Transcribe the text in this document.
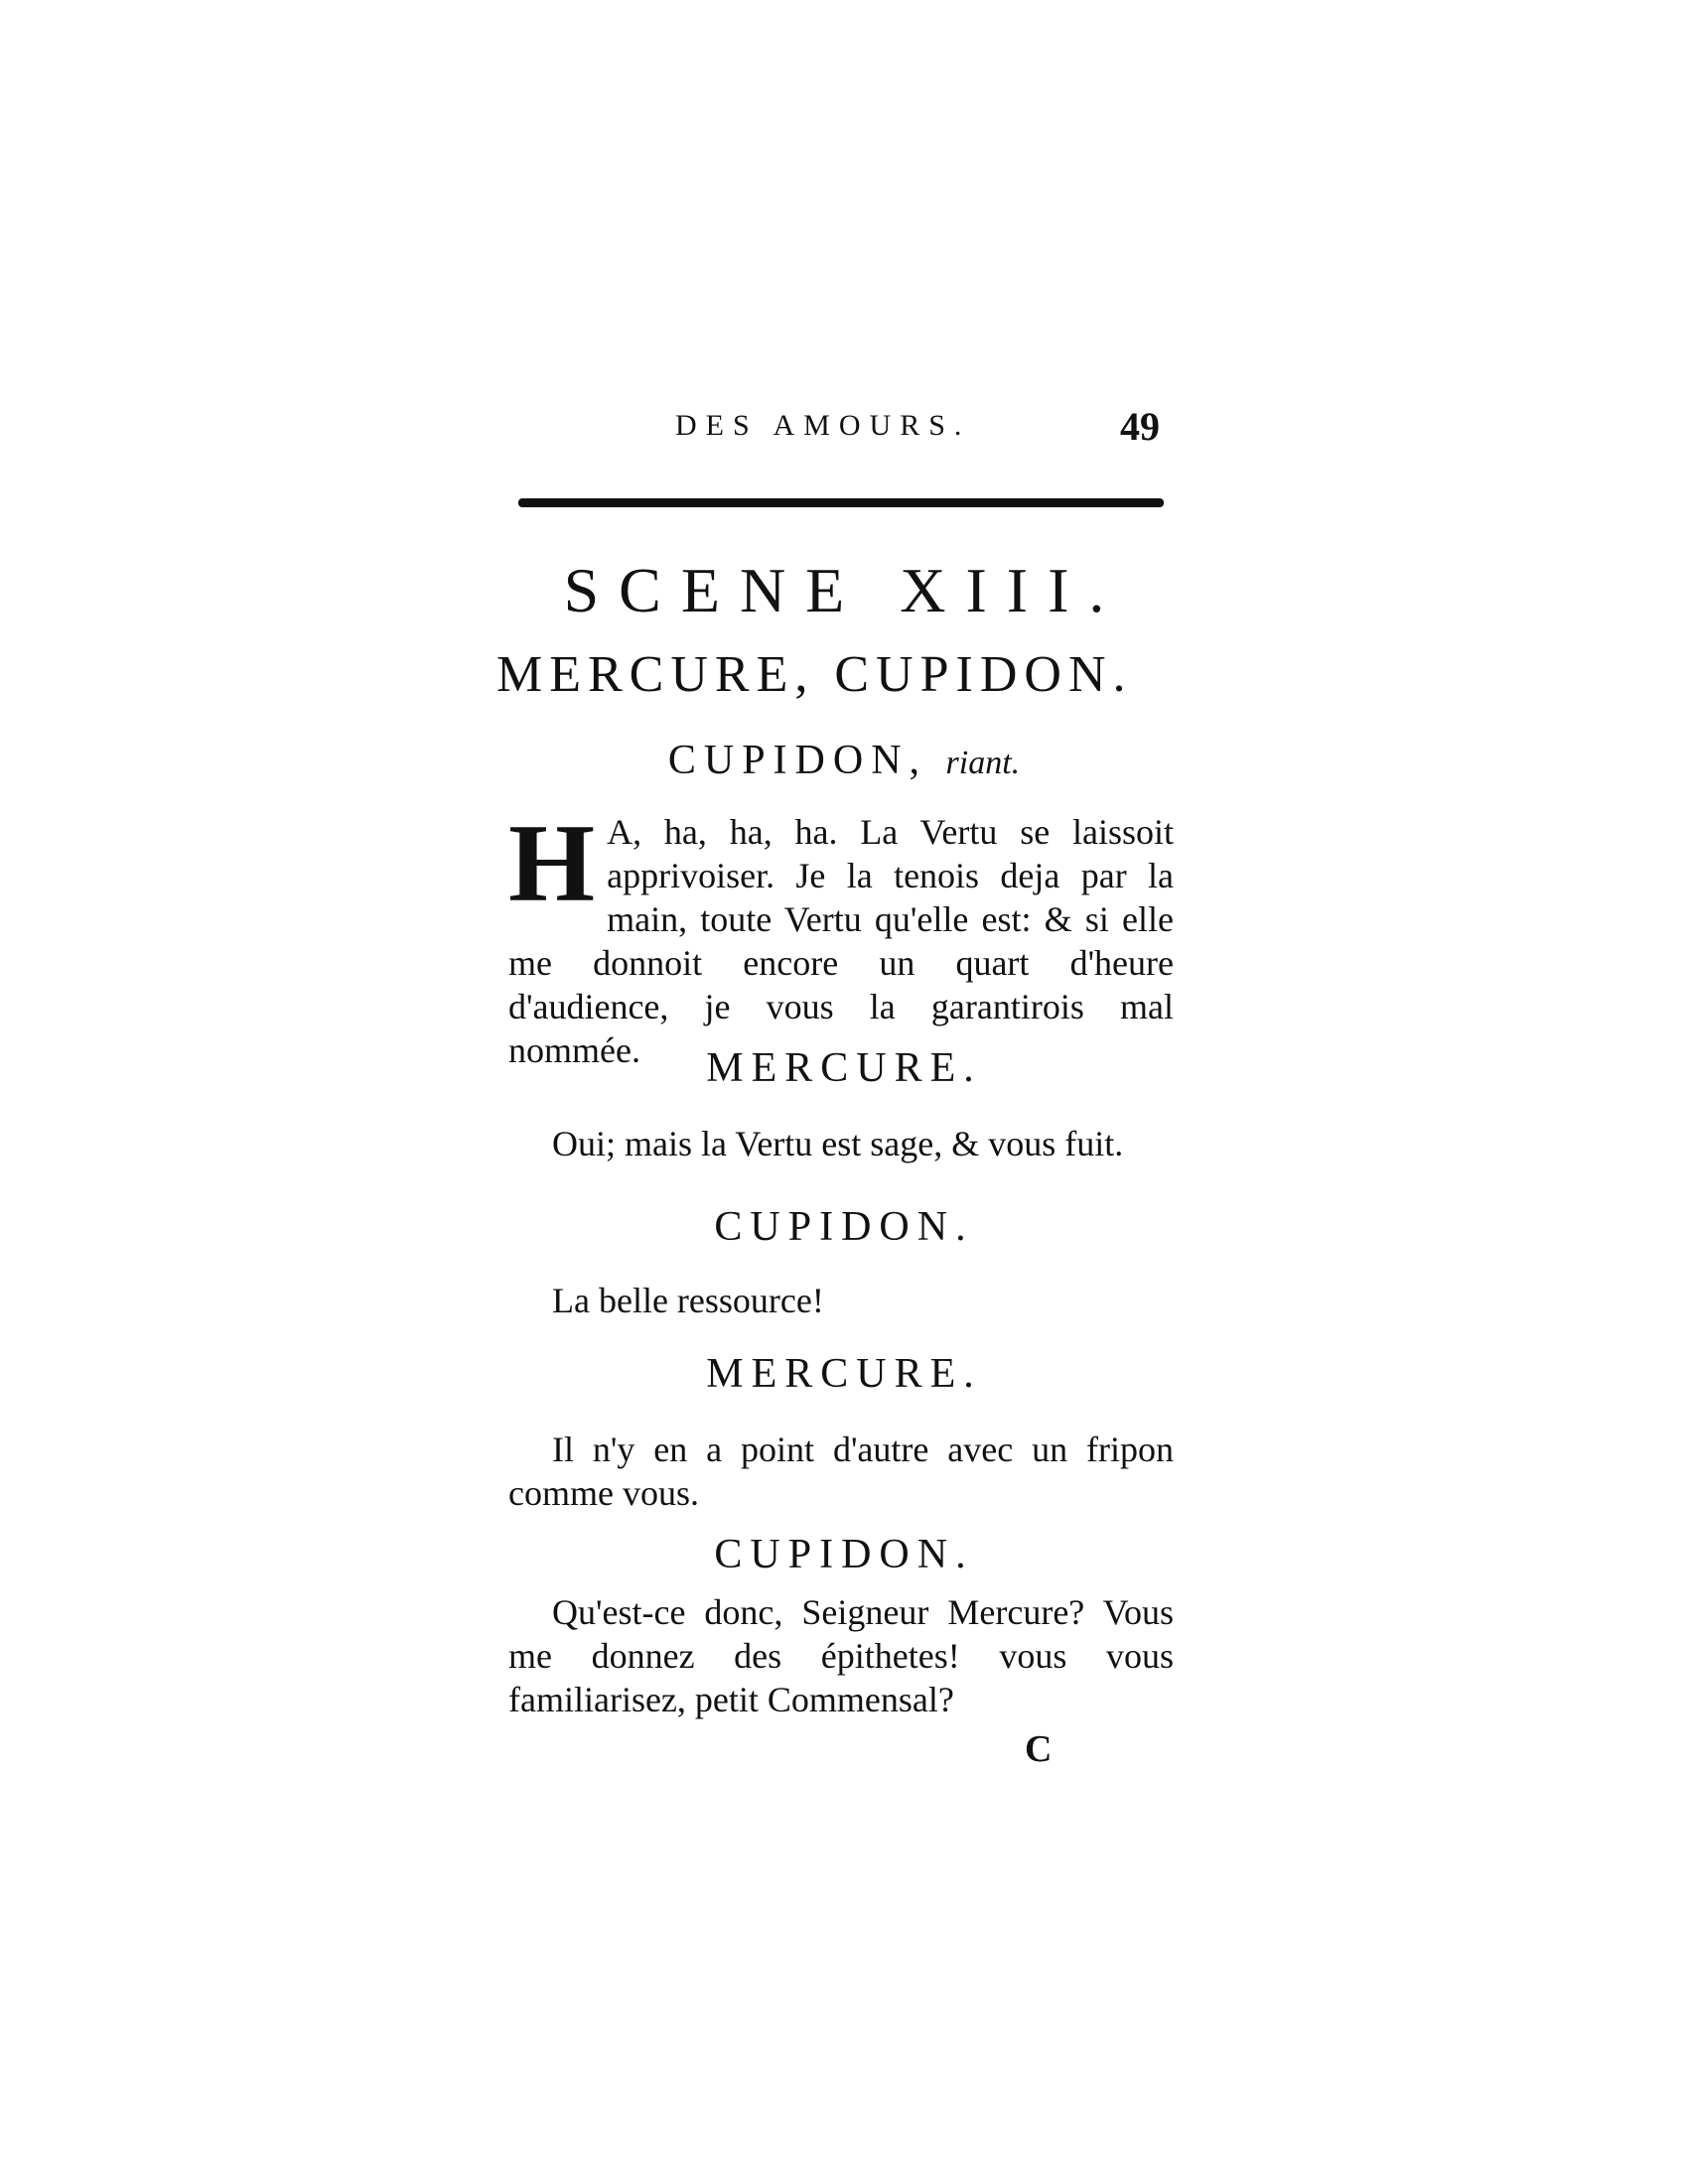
DES AMOURS.	49
SCENE XIII.
MERCURE, CUPIDON.
CUPIDON, riant.
H A, ha, ha, ha. La Vertu se laissoit apprivoiser. Je la tenois deja par la main, toute Vertu qu'elle est: & si elle me donnoit encore un quart d'heure d'audience, je vous la garantirois mal nommée.	MERCURE.
Oui; mais la Vertu est sage, & vous fuit.
CUPIDON.
La belle ressource!
MERCURE.
Il n'y en a point d'autre avec un fripon comme vous.
CUPIDON.
Qu'est-ce donc, Seigneur Mercure? Vous me donnez des épithetes! vous vous familiarisez, petit Commensal?
C
